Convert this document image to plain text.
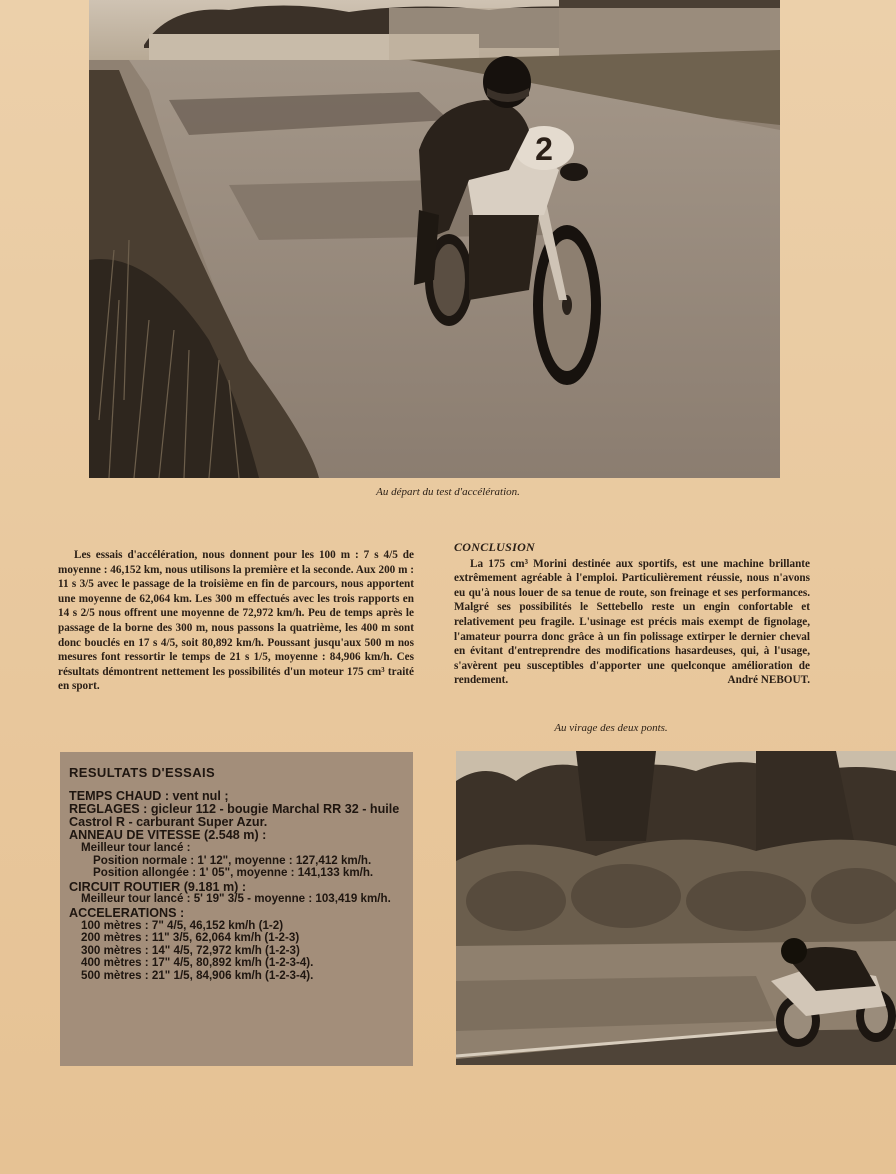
2
Au départ du test d'accélération.

Les essais d'accélération, nous donnent pour les 100 m : 7 s 4/5 de moyenne : 46,152 km, nous utilisons la première et la seconde. Aux 200 m : 11 s 3/5 avec le passage de la troisième en fin de parcours, nous apportent une moyenne de 62,064 km. Les 300 m effectués avec les trois rapports en 14 s 2/5 nous offrent une moyenne de 72,972 km/h. Peu de temps après le passage de la borne des 300 m, nous passons la quatrième, les 400 m sont donc bouclés en 17 s 4/5, soit 80,892 km/h. Poussant jusqu'aux 500 m nos mesures font ressortir le temps de 21 s 1/5, moyenne : 84,906 km/h. Ces résultats démontrent nettement les possibilités d'un moteur 175 cm³ traité en sport.

CONCLUSION

La 175 cm³ Morini destinée aux sportifs, est une machine brillante extrêmement agréable à l'emploi. Particulièrement réussie, nous n'avons eu qu'à nous louer de sa tenue de route, son freinage et ses performances. Malgré ses possibilités le Settebello reste un engin confortable et relativement peu fragile. L'usinage est précis mais exempt de fignolage, l'amateur pourra donc grâce à un fin polissage extirper le dernier cheval en évitant d'entreprendre des modifications hasardeuses, qui, à l'usage, s'avèrent peu susceptibles d'apporter une quelconque amélioration de rendement.	André NEBOUT.

Au virage des deux ponts.
RESULTATS D'ESSAIS
TEMPS CHAUD : vent nul ;
REGLAGES : gicleur 112 - bougie Marchal RR 32 - huile Castrol R - carburant Super Azur.
ANNEAU DE VITESSE (2.548 m) :
Meilleur tour lancé :
Position normale : 1' 12", moyenne : 127,412 km/h.
Position allongée : 1' 05", moyenne : 141,133 km/h.
CIRCUIT ROUTIER (9.181 m) :
Meilleur tour lancé : 5' 19" 3/5 - moyenne : 103,419 km/h.
ACCELERATIONS :
100 mètres : 7" 4/5, 46,152 km/h (1-2)
200 mètres : 11" 3/5, 62,064 km/h (1-2-3)
300 mètres : 14" 4/5, 72,972 km/h (1-2-3)
400 mètres : 17" 4/5, 80,892 km/h (1-2-3-4).
500 mètres : 21" 1/5, 84,906 km/h (1-2-3-4).
